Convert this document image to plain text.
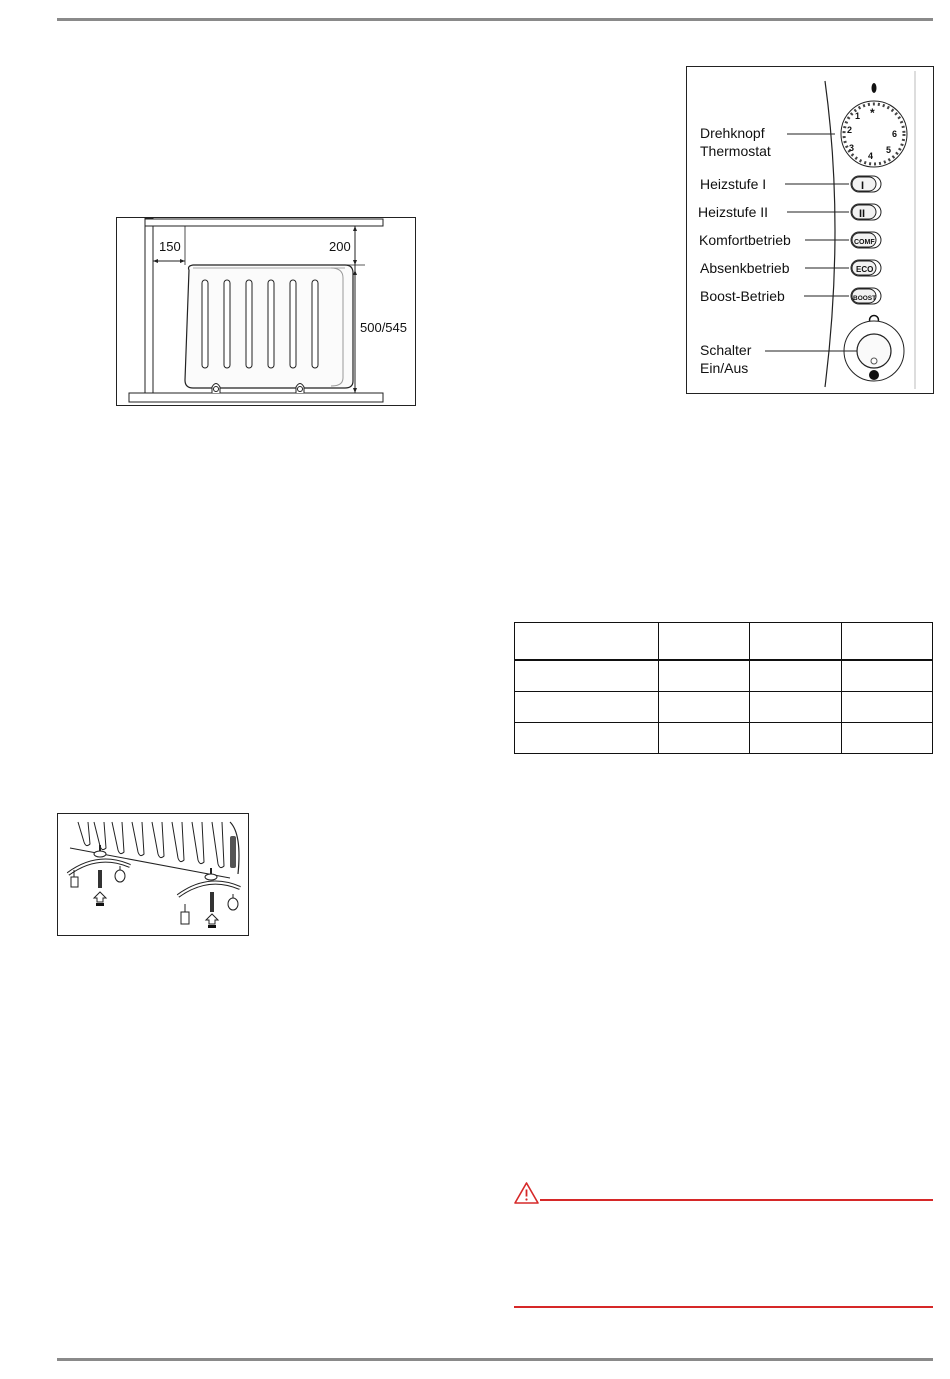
150	200
500/545
*
1
2
3
4
5
6
I
II
COMF
ECO
BOOST
Drehknopf
Thermostat
Heizstufe I
Heizstufe II
Komfortbetrieb
Absenkbetrieb
Boost-Betrieb
Schalter
Ein/Aus
